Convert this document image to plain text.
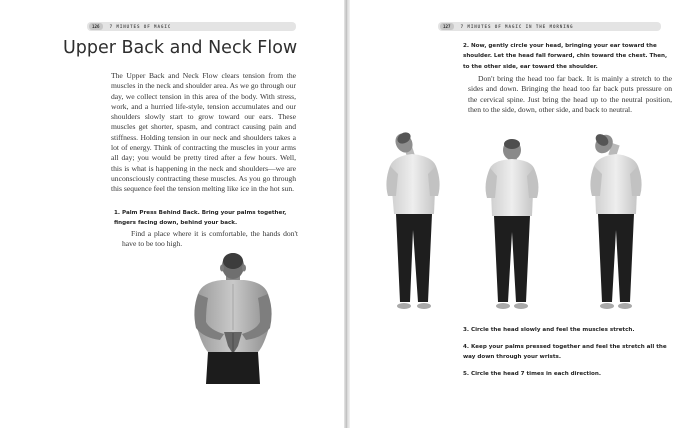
126	7 MINUTES OF MAGIC
Upper Back and Neck Flow

The Upper Back and Neck Flow clears tension from the muscles in the neck and shoulder area. As we go through our day, we collect tension in this area of the body. With stress, work, and a hurried life-style, tension accumulates and our shoulders slowly start to grow toward our ears. These muscles get shorter, spasm, and contract causing pain and stiffness. Holding tension in our neck and shoulders takes a lot of energy. Think of contracting the muscles in your arms all day; you would be pretty tired after a few hours. Well, this is what is happening in the neck and shoulders—we are unconsciously contracting these muscles. As you go through this sequence feel the tension melting like ice in the hot sun.

1. Palm Press Behind Back. Bring your palms together, fingers facing down, behind your back.

Find a place where it is comfortable, the hands don't have to be too high.

127	7 MINUTES OF MAGIC IN THE MORNING
2. Now, gently circle your head, bringing your ear toward the shoulder. Let the head fall forward, chin toward the chest. Then, to the other side, ear toward the shoulder.

Don't bring the head too far back. It is mainly a stretch to the sides and down. Bringing the head too far back puts pressure on the cervical spine. Just bring the head up to the neutral position, then to the side, down, other side, and back to neutral.

3. Circle the head slowly and feel the muscles stretch.
4. Keep your palms pressed together and feel the stretch all the way down through your wrists.
5. Circle the head 7 times in each direction.
